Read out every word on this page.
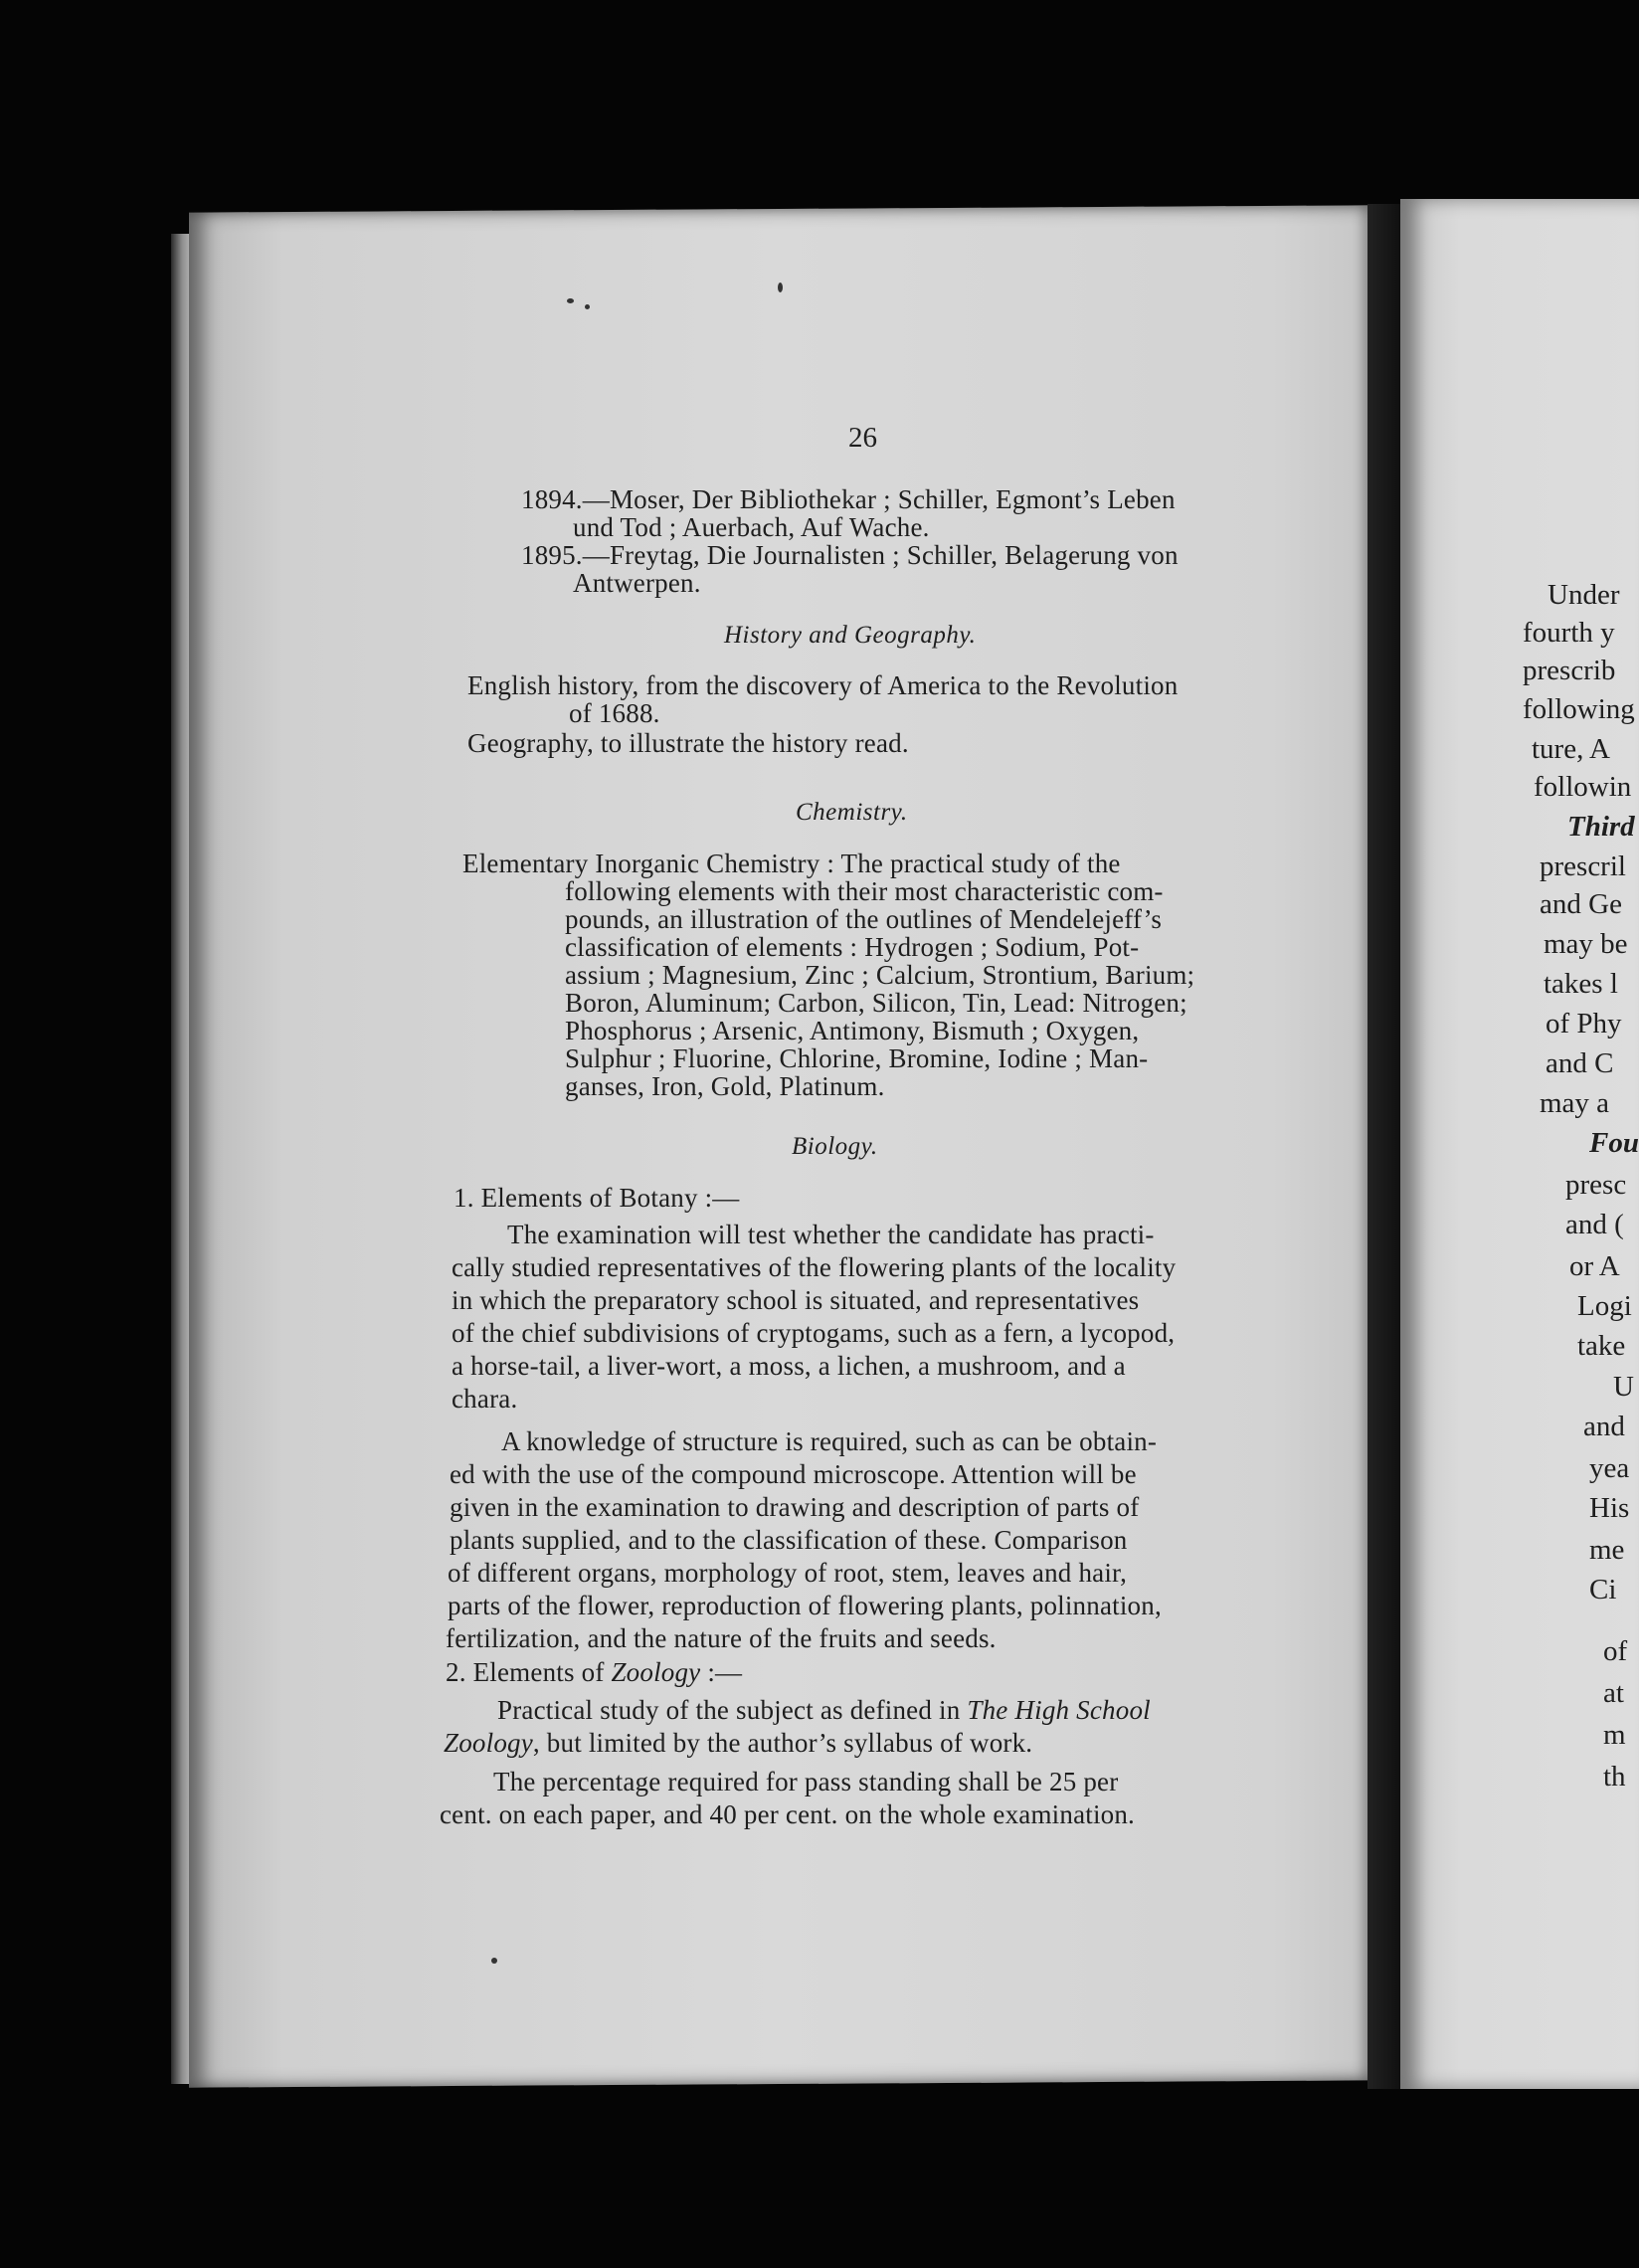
26
1894.—Moser, Der Bibliothekar ; Schiller, Egmont’s Leben
und Tod ; Auerbach, Auf Wache.
1895.—Freytag, Die Journalisten ; Schiller, Belagerung von
Antwerpen.
History and Geography.
English history, from the discovery of America to the Revolution
of 1688.
Geography, to illustrate the history read.
Chemistry.
Elementary Inorganic Chemistry : The practical study of the
following elements with their most characteristic com-
pounds, an illustration of the outlines of Mendelejeff’s
classification of elements : Hydrogen ; Sodium, Pot-
assium ; Magnesium, Zinc ; Calcium, Strontium, Barium;
Boron, Aluminum; Carbon, Silicon, Tin, Lead: Nitrogen;
Phosphorus ; Arsenic, Antimony, Bismuth ; Oxygen,
Sulphur ; Fluorine, Chlorine, Bromine, Iodine ; Man-
ganses, Iron, Gold, Platinum.
Biology.
1. Elements of Botany :—
The examination will test whether the candidate has practi-
cally studied representatives of the flowering plants of the locality
in which the preparatory school is situated, and representatives
of the chief subdivisions of cryptogams, such as a fern, a lycopod,
a horse-tail, a liver-wort, a moss, a lichen, a mushroom, and a
chara.
A knowledge of structure is required, such as can be obtain-
ed with the use of the compound microscope. Attention will be
given in the examination to drawing and description of parts of
plants supplied, and to the classification of these. Comparison
of different organs, morphology of root, stem, leaves and hair,
parts of the flower, reproduction of flowering plants, polinnation,
fertilization, and the nature of the fruits and seeds.
2. Elements of Zoology :—
Practical study of the subject as defined in The High School
Zoology, but limited by the author’s syllabus of work.
The percentage required for pass standing shall be 25 per
cent. on each paper, and 40 per cent. on the whole examination.
Under
fourth y
prescrib
following
ture, A
followin
Third
prescril
and Ge
may be
takes l
of Phy
and C
may a
Fou
presc
and (
or A
Logi
take
U
and
yea
His
me
Ci
of
at
m
th
